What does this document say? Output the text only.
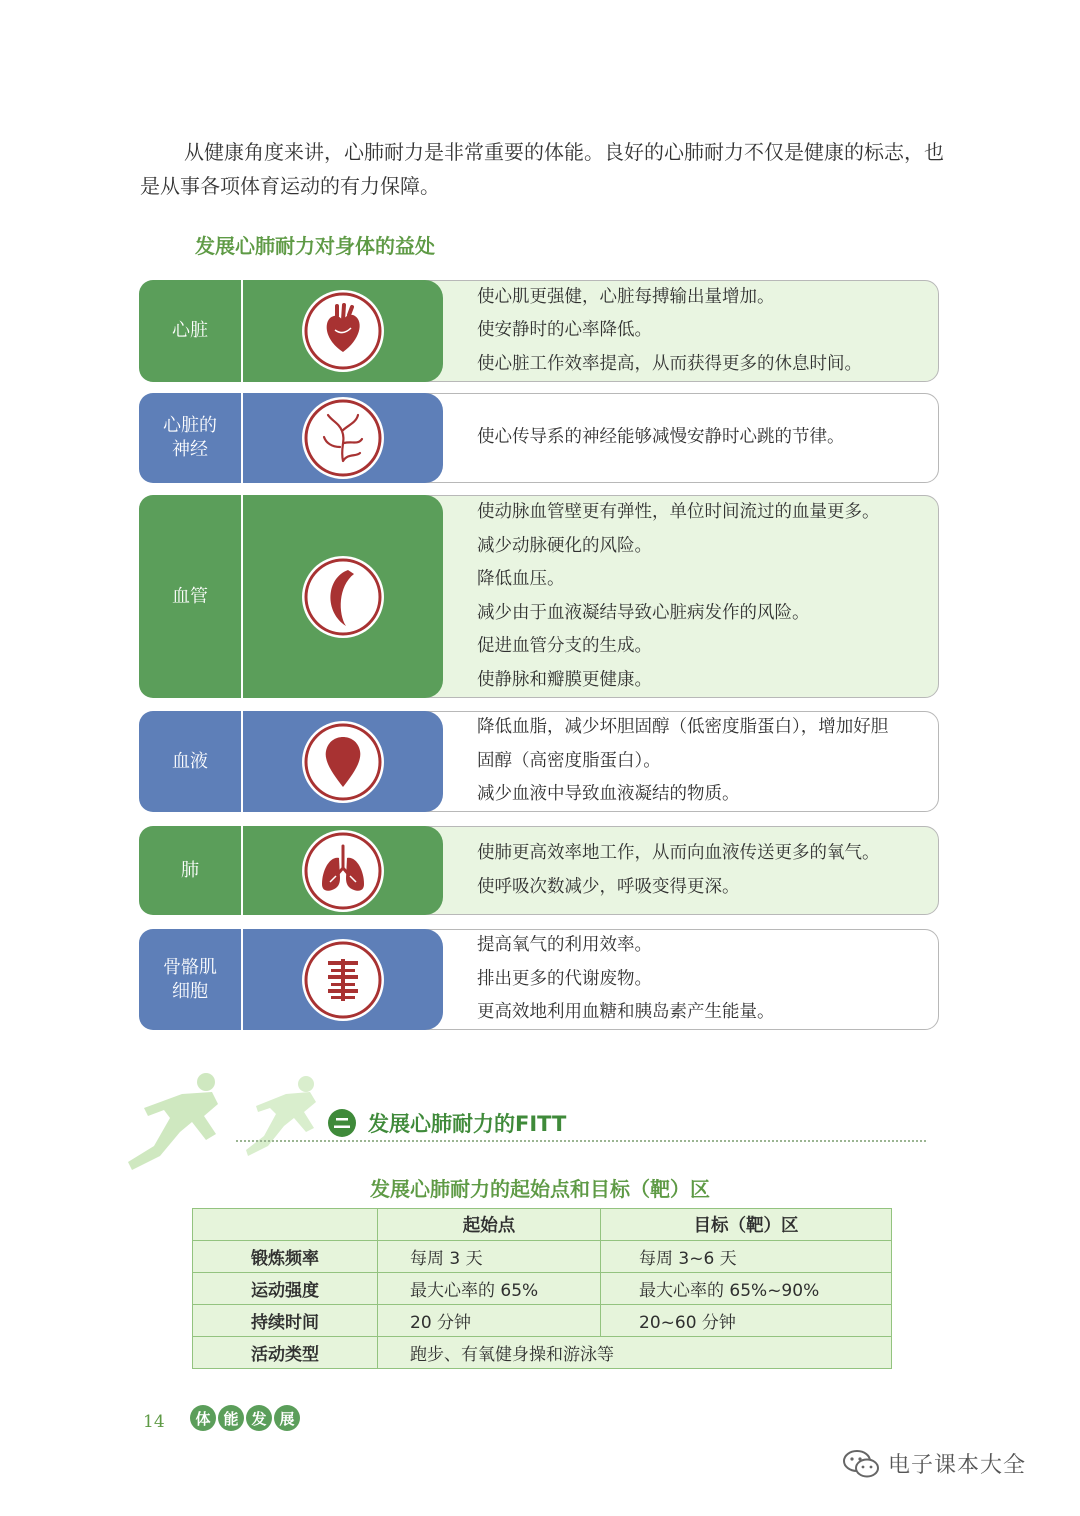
从健康角度来讲，心肺耐力是非常重要的体能。良好的心肺耐力不仅是健康的标志，也是从事各项体育运动的有力保障。

发展心肺耐力对身体的益处
心脏
使心肌更强健，心脏每搏输出量增加。
使安静时的心率降低。
使心脏工作效率提高，从而获得更多的休息时间。
心脏的
神经
使心传导系的神经能够减慢安静时心跳的节律。
血管
使动脉血管壁更有弹性，单位时间流过的血量更多。
减少动脉硬化的风险。
降低血压。
减少由于血液凝结导致心脏病发作的风险。
促进血管分支的生成。
使静脉和瓣膜更健康。
血液
降低血脂，减少坏胆固醇（低密度脂蛋白），增加好胆
固醇（高密度脂蛋白）。
减少血液中导致血液凝结的物质。
肺
使肺更高效率地工作，从而向血液传送更多的氧气。
使呼吸次数减少，呼吸变得更深。
骨骼肌
细胞
提高氧气的利用效率。
排出更多的代谢废物。
更高效地利用血糖和胰岛素产生能量。
发展心肺耐力的FITT
发展心肺耐力的起始点和目标（靶）区
	起始点	目标（靶）区
锻炼频率	每周 3 天	每周 3~6 天
运动强度	最大心率的 65%	最大心率的 65%~90%
持续时间	20 分钟	20~60 分钟
活动类型	跑步、有氧健身操和游泳等	
14	体 能 发 展
电子课本大全
